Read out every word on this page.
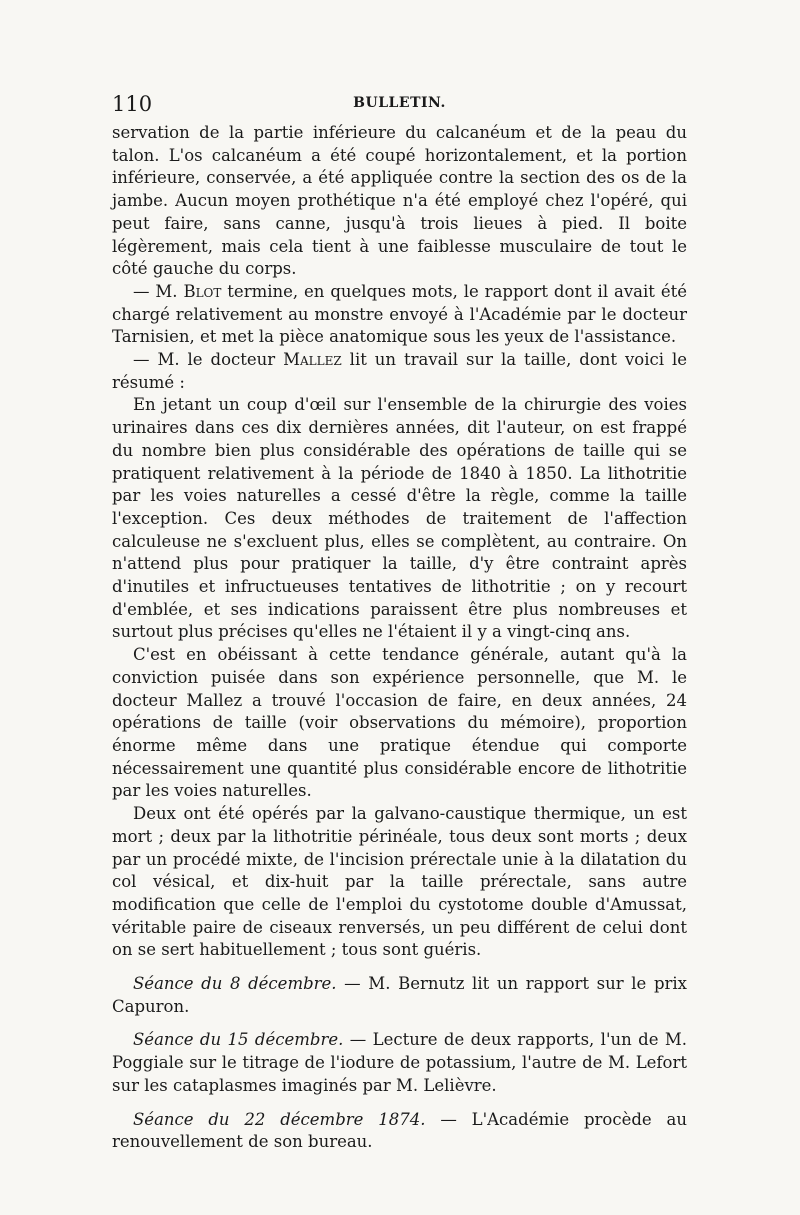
110	BULLETIN.

servation de la partie inférieure du calcanéum et de la peau du talon. L'os calcanéum a été coupé horizontalement, et la portion inférieure, conservée, a été appliquée contre la section des os de la jambe. Aucun moyen prothétique n'a été employé chez l'opéré, qui peut faire, sans canne, jusqu'à trois lieues à pied. Il boite légèrement, mais cela tient à une faiblesse musculaire de tout le côté gauche du corps.

— M. Blot termine, en quelques mots, le rapport dont il avait été chargé relativement au monstre envoyé à l'Académie par le docteur Tarnisien, et met la pièce anatomique sous les yeux de l'assistance.

— M. le docteur Mallez lit un travail sur la taille, dont voici le résumé :

En jetant un coup d'œil sur l'ensemble de la chirurgie des voies urinaires dans ces dix dernières années, dit l'auteur, on est frappé du nombre bien plus considérable des opérations de taille qui se pratiquent relativement à la période de 1840 à 1850. La lithotritie par les voies naturelles a cessé d'être la règle, comme la taille l'exception. Ces deux méthodes de traitement de l'affection calculeuse ne s'excluent plus, elles se complètent, au contraire. On n'attend plus pour pratiquer la taille, d'y être contraint après d'inutiles et infructueuses tentatives de lithotritie ; on y recourt d'emblée, et ses indications paraissent être plus nombreuses et surtout plus précises qu'elles ne l'étaient il y a vingt-cinq ans.

C'est en obéissant à cette tendance générale, autant qu'à la conviction puisée dans son expérience personnelle, que M. le docteur Mallez a trouvé l'occasion de faire, en deux années, 24 opérations de taille (voir observations du mémoire), proportion énorme même dans une pratique étendue qui comporte nécessairement une quantité plus considérable encore de lithotritie par les voies naturelles.

Deux ont été opérés par la galvano-caustique thermique, un est mort ; deux par la lithotritie périnéale, tous deux sont morts ; deux par un procédé mixte, de l'incision prérectale unie à la dilatation du col vésical, et dix-huit par la taille prérectale, sans autre modification que celle de l'emploi du cystotome double d'Amussat, véritable paire de ciseaux renversés, un peu différent de celui dont on se sert habituellement ; tous sont guéris.

Séance du 8 décembre. — M. Bernutz lit un rapport sur le prix Capuron.

Séance du 15 décembre. — Lecture de deux rapports, l'un de M. Poggiale sur le titrage de l'iodure de potassium, l'autre de M. Lefort sur les cataplasmes imaginés par M. Lelièvre.

Séance du 22 décembre 1874. — L'Académie procède au renouvellement de son bureau.
